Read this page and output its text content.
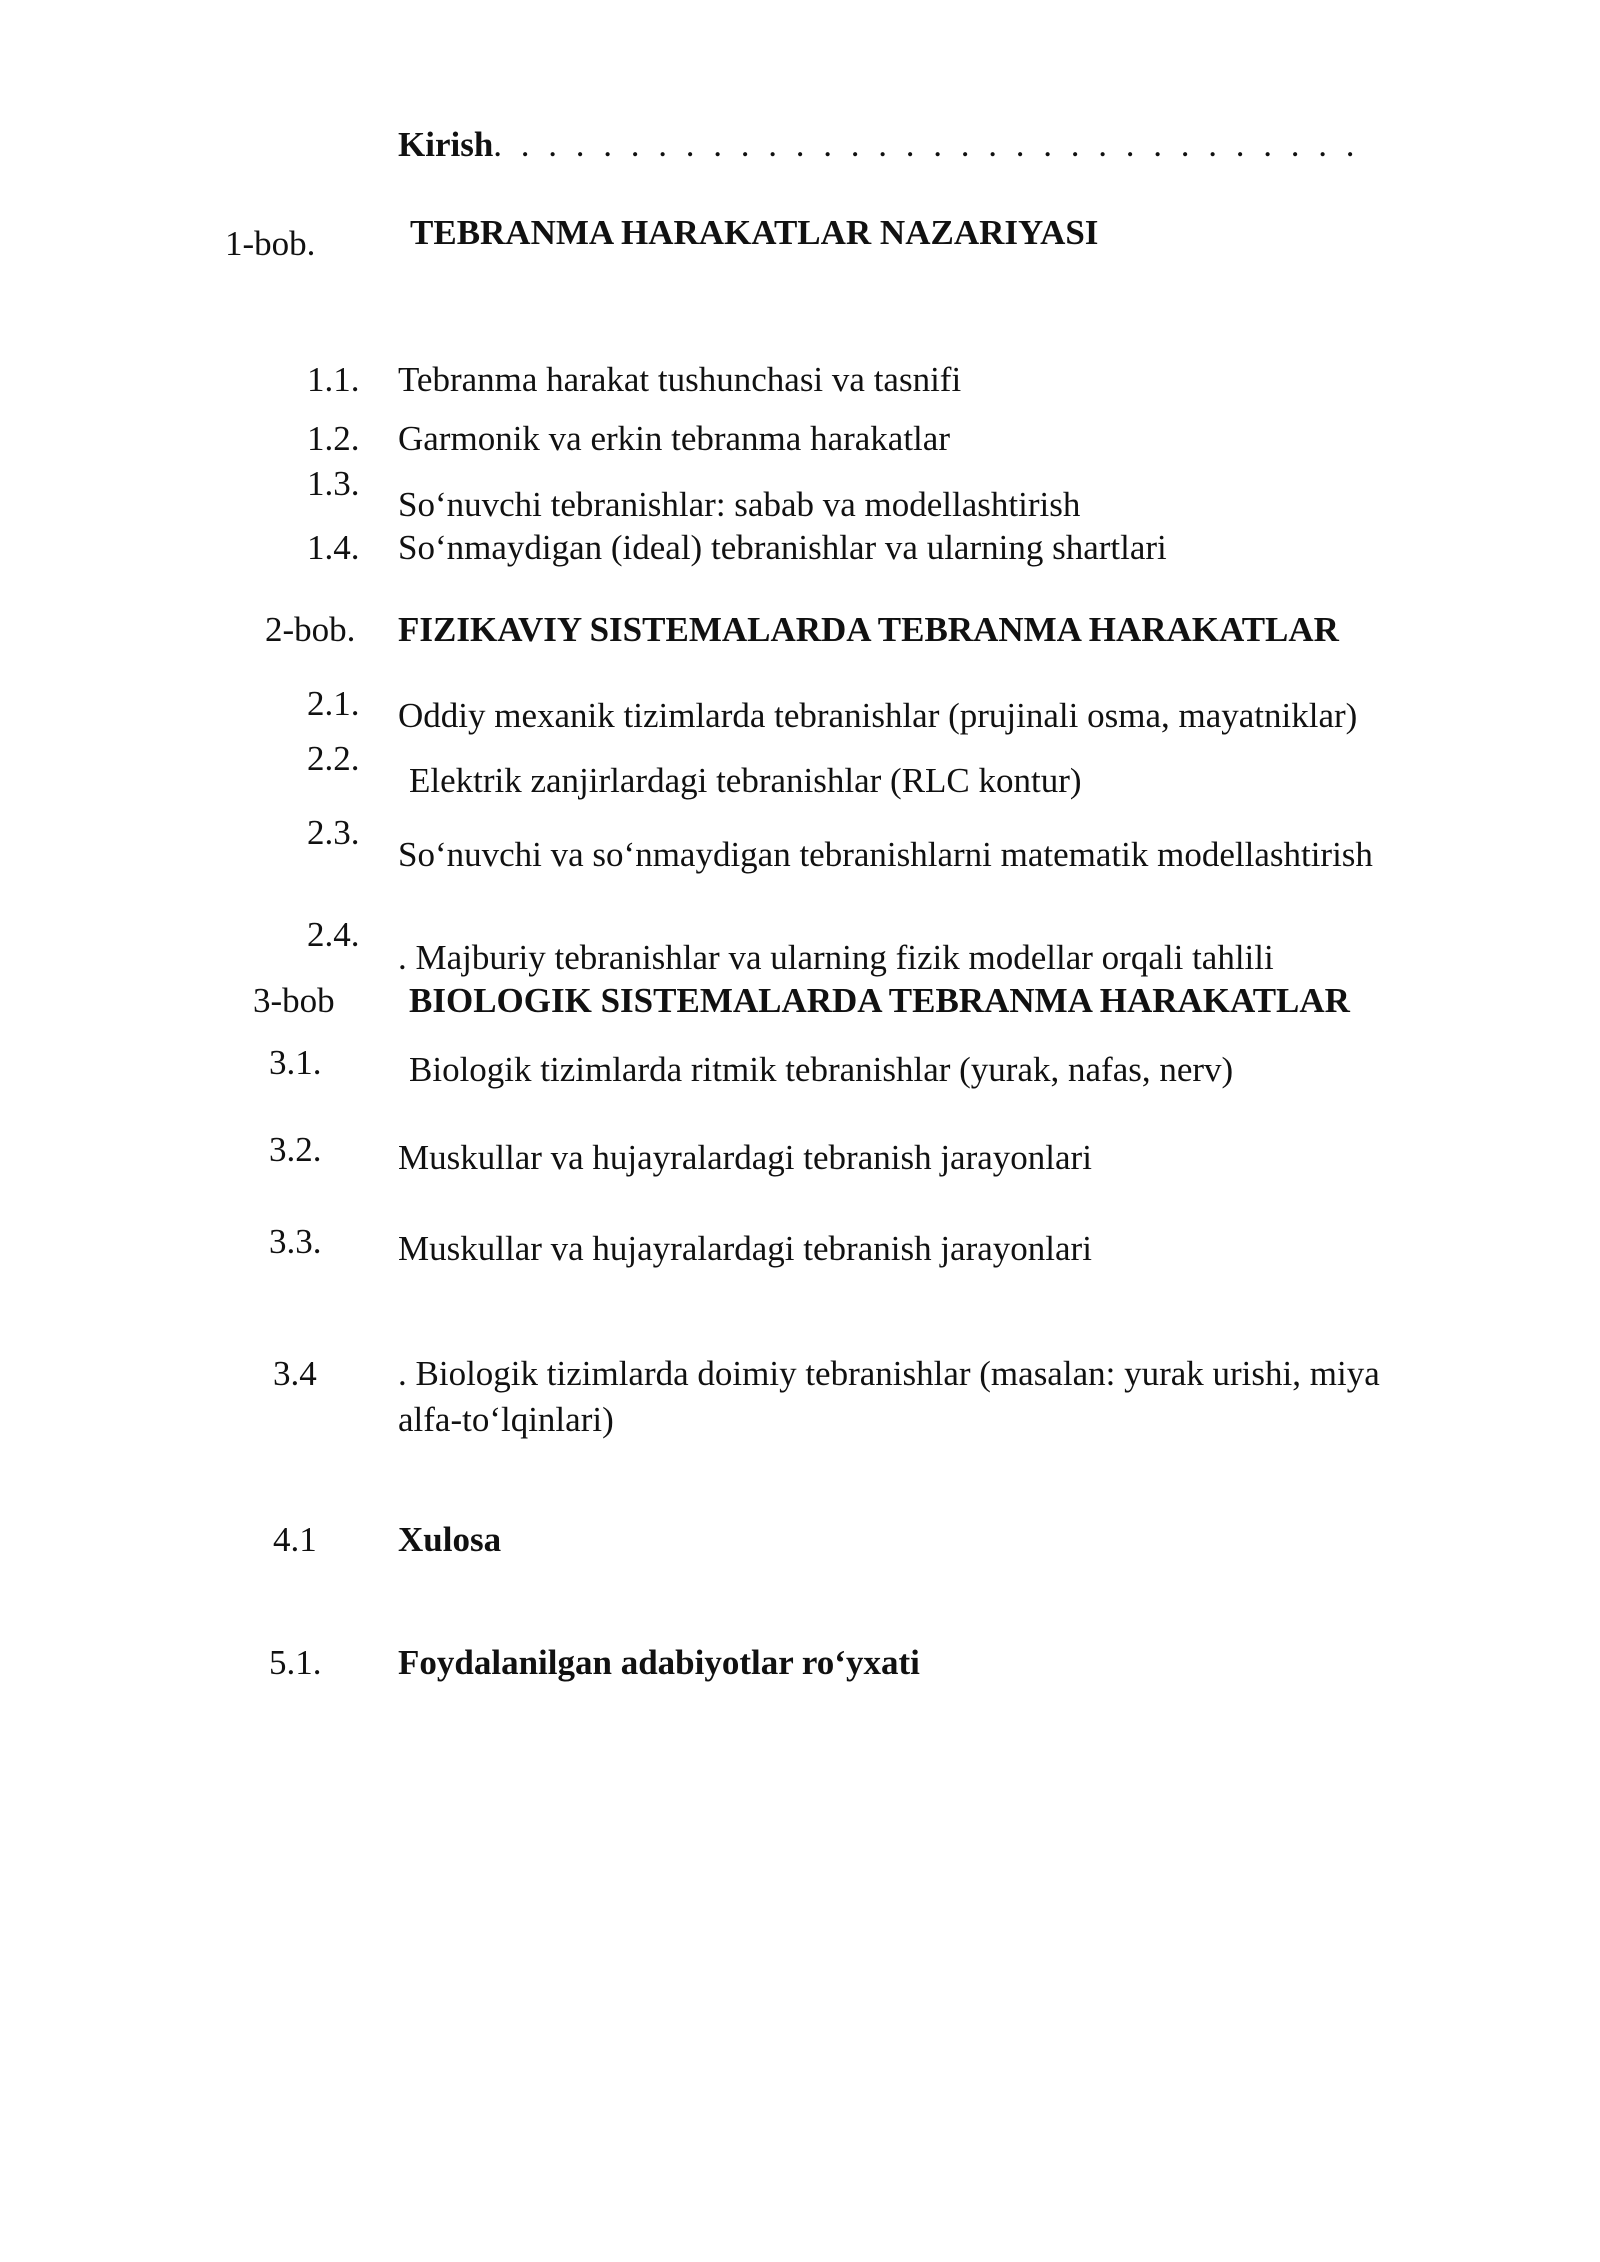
Kirish. . . . . . . . . . . . . . . . . . . . . . . . . . . . . . . .
1-bob.	TEBRANMA HARAKATLAR NAZARIYASI
1.1. Tebranma harakat tushunchasi va tasnifi
1.2. Garmonik va erkin tebranma harakatlar
1.3.
So‘nuvchi tebranishlar: sabab va modellashtirish
1.4. So‘nmaydigan (ideal) tebranishlar va ularning shartlari
2-bob. FIZIKAVIY SISTEMALARDA TEBRANMA HARAKATLAR
2.1. Oddiy mexanik tizimlarda tebranishlar (prujinali osma, mayatniklar)
2.2.
Elektrik zanjirlardagi tebranishlar (RLC kontur)
2.3.
So‘nuvchi va so‘nmaydigan tebranishlarni matematik modellashtirish
2.4.
. Majburiy tebranishlar va ularning fizik modellar orqali tahlili
3-bob BIOLOGIK SISTEMALARDA TEBRANMA HARAKATLAR
3.1.	Biologik tizimlarda ritmik tebranishlar (yurak, nafas, nerv)
3.2. Muskullar va hujayralardagi tebranish jarayonlari
3.3. Muskullar va hujayralardagi tebranish jarayonlari
3.4 . Biologik tizimlarda doimiy tebranishlar (masalan: yurak urishi, miya
alfa-to‘lqinlari)
4.1 Xulosa
5.1. Foydalanilgan adabiyotlar ro‘yxati
